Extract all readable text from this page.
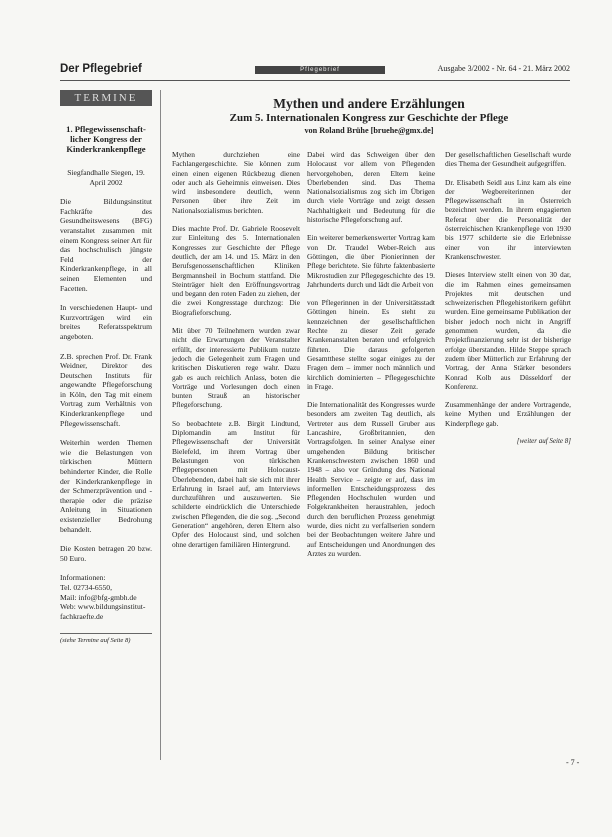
Der Pflegebrief	Pflegebrief	Ausgabe 3/2002 - Nr. 64 - 21. März 2002
TERMINE
1. Pflegewissenschaft-licher Kongress der Kinderkrankenpflege
Siegfandhalle Siegen, 19. April 2002

Die Bildungsinstitut Fachkräfte des Gesundheitswesens (BFG) veranstaltet zusammen mit einem Kongress seiner Art für das hochschulisch jüngste Feld der Kinderkrankenpflege, in all seinen Elementen und Facetten.

In verschiedenen Haupt- und Kurzvorträgen wird ein breites Referatsspektrum angeboten.

Z.B. sprechen Prof. Dr. Frank Weidner, Direktor des Deutschen Instituts für angewandte Pflegeforschung in Köln, den Tag mit einem Vortrag zum Verhältnis von Kinderkrankenpflege und Pflegewissenschaft.

Weiterhin werden Themen wie die Belastungen von türkischen Müttern behinderter Kinder, die Rolle der Kinderkrankenpflege in der Schmerzprävention und -therapie oder die präzise Anleitung in Situationen existenzieller Bedrohung behandelt.

Die Kosten betragen 20 bzw. 50 Euro.

Informationen:
Tel. 02734-6550,
Mail: info@bfg-gmbh.de
Web: www.bildungsinstitut-fachkraefte.de
(siehe Termine auf Seite 8)
Mythen und andere Erzählungen
Zum 5. Internationalen Kongress zur Geschichte der Pflege
von Roland Brühe [bruehe@gmx.de]

Mythen durchziehen eine Fachlangergeschichte. Sie können zum einen einen eigenen Rückbezug dienen oder auch als Geheimnis einweisen. Dies wird insbesondere deutlich, wenn Personen über ihre Zeit im Nationalsozialismus berichten.

Dies machte Prof. Dr. Gabriele Roosevelt zur Einleitung des 5. Internationalen Kongresses zur Geschichte der Pflege deutlich, der am 14. und 15. März in den Berufsgenossenschaftlichen Kliniken Bergmannsheil in Bochum stattfand. Die Steinträger hielt den Eröffnungsvortrag und begann den roten Faden zu ziehen, der die zwei Kongresstage durchzog: Die Biografieforschung.

Mit über 70 Teilnehmern wurden zwar nicht die Erwartungen der Veranstalter erfüllt, der interessierte Publikum nutzte jedoch die Gelegenheit zum Fragen und kritischen Diskutieren rege wahr. Dazu gab es auch reichlich Anlass, boten die Vorträge und Vorlesungen doch einen bunten Strauß an historischer Pflegeforschung.

So beobachtete z.B. Birgit Lindtund, Diplomandin am Institut für Pflegewissenschaft der Universität Bielefeld, im ihrem Vortrag über Belastungen von türkischen Pflegepersonen mit Holocaust-Überlebenden, dabei halt sie sich mit ihrer Erfahrung in Israel auf, am Interviews durchzuführen und auszuwerten. Sie schilderte eindrücklich die Unterschiede zwischen Pflegenden, die die sog. „Second Generation“ angehören, deren Eltern also Opfer des Holocaust sind, und solchen ohne derartigen familiären Hintergrund.

Dabei wird das Schweigen über den Holocaust vor allem von Pflegenden hervorgehoben, deren Eltern keine Überlebenden sind. Das Thema Nationalsozialismus zog sich im Übrigen durch viele Vorträge und zeigt dessen Nachhaltigkeit und Bedeutung für die historische Pflegeforschung auf.

Ein weiterer bemerkenswerter Vortrag kam von Dr. Traudel Weber-Reich aus Göttingen, die über Pionierinnen der Pflege berichtete. Sie führte faktenbasierte Mikrostudien zur Pflegegeschichte des 19. Jahrhunderts durch und lädt die Arbeit von

von Pflegerinnen in der Universitätsstadt Göttingen hinein. Es steht zu kennzeichnen der gesellschaftlichen Rechte zu dieser Zeit gerade Krankenanstalten beraten und erfolgreich führten. Die daraus gefolgerten Gesamtthese stellte sogar einiges zu der Fragen dem – immer noch männlich und kirchlich dominierten – Pflegegeschichte in Frage.

Die Internationalität des Kongresses wurde besonders am zweiten Tag deutlich, als Vertreter aus dem Russell Gruber aus Lancashire, Großbritannien, den Vortragsfolgen. In seiner Analyse einer umgehenden Bildung britischer Krankenschwestern zwischen 1860 und 1948 – also vor Gründung des National Health Service – zeigte er auf, dass im informellen Entscheidungsprozess des Pflegenden Hochschulen wurden und Folgekrankheiten heraustrahlen, jedoch durch den beruflichen Prozess genehmigt wurde, dies nicht zu verfallserien sondern bei der Beobachtungen weitere Jahre und auf Entscheidungen und Anordnungen des Arztes zu wurden.

Der gesellschaftlichen Gesellschaft wurde dies Thema der Gesundheit aufgegriffen.

Dr. Elisabeth Seidl aus Linz kam als eine der Wegbereiterinnen der Pflegewissenschaft in Österreich bezeichnet werden. In ihrem engagierten Referat über die Personalität der österreichischen Krankenpflege von 1930 bis 1977 schilderte sie die Erlebnisse einer von ihr interviewten Krankenschwester.

Dieses Interview stellt einen von 30 dar, die im Rahmen eines gemeinsamen Projektes mit deutschen und schweizerischen Pflegehistorikern geführt wurden. Eine gemeinsame Publikation der bisher jedoch noch nicht in Angriff genommen wurden, da die Projektfinanzierung sehr ist der bisherige erfolge überstanden. Hilde Steppe sprach zudem über Mütterlich zur Erfahrung der Vortrag, der Anna Stärker besonders Konrad Kolb aus Düsseldorf der Konferenz.

Zusammenhänge der andere Vortragende, keine Mythen und Erzählungen der Kinderpflege gab.

[weiter auf Seite 8]
- 7 -
